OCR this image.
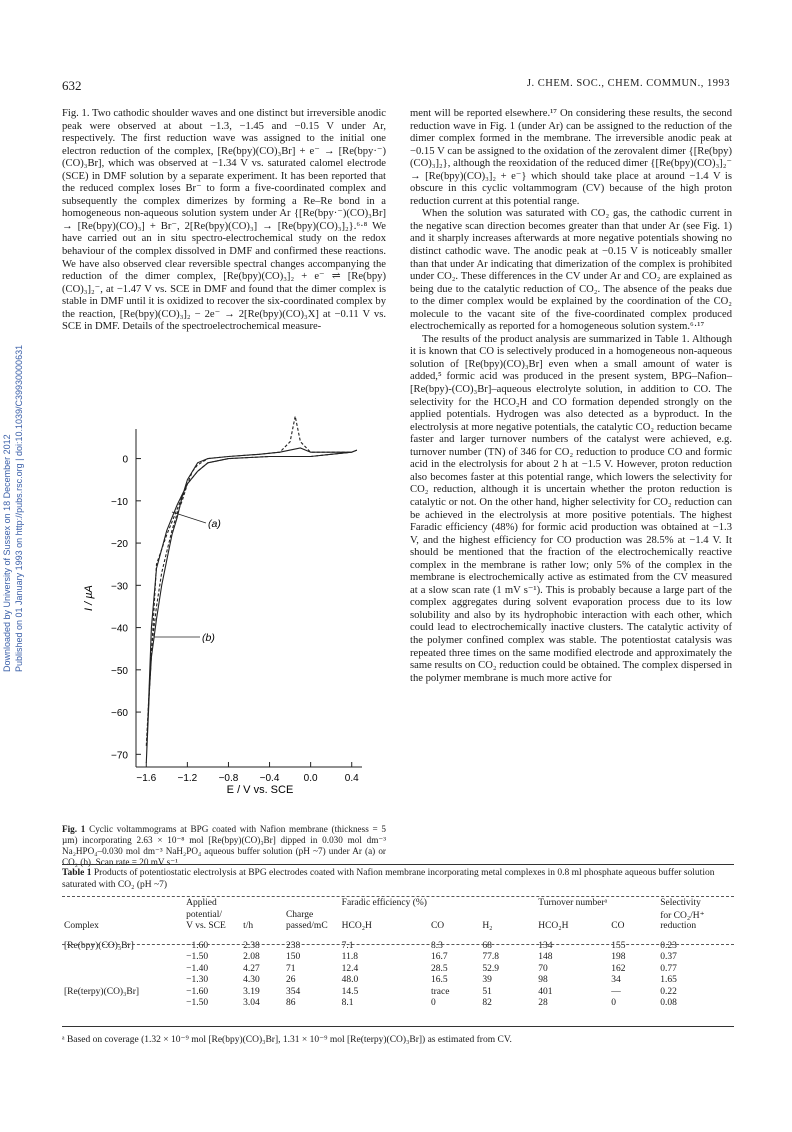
632	J. CHEM. SOC., CHEM. COMMUN., 1993
Downloaded by University of Sussex on 18 December 2012 Published on 01 January 1993 on http://pubs.rsc.org | doi:10.1039/C39930000631

Fig. 1. Two cathodic shoulder waves and one distinct but irreversible anodic peak were observed at about −1.3, −1.45 and −0.15 V under Ar, respectively. The first reduction wave was assigned to the initial one electron reduction of the complex, [Re(bpy)(CO)₃Br] + e⁻ → [Re(bpy·⁻)(CO)₃Br], which was observed at −1.34 V vs. saturated calomel electrode (SCE) in DMF solution by a separate experiment. It has been reported that the reduced complex loses Br⁻ to form a five-coordinated complex and subsequently the complex dimerizes by forming a Re–Re bond in a homogeneous non-aqueous solution system under Ar {[Re(bpy·⁻)(CO)₃Br] → [Re(bpy)(CO)₃] + Br⁻, 2[Re(bpy)(CO)₃] → [Re(bpy)(CO)₃]₂}.⁶·⁸ We have carried out an in situ spectro-electrochemical study on the redox behaviour of the complex dissolved in DMF and confirmed these reactions. We have also observed clear reversible spectral changes accompanying the reduction of the dimer complex, [Re(bpy)(CO)₃]₂ + e⁻ ⇌ [Re(bpy)(CO)₃]₂⁻, at −1.47 V vs. SCE in DMF and found that the dimer complex is stable in DMF until it is oxidized to recover the six-coordinated complex by the reaction, [Re(bpy)(CO)₃]₂ − 2e⁻ → 2[Re(bpy)(CO)₃X] at −0.11 V vs. SCE in DMF. Details of the spectroelectrochemical measure-

ment will be reported elsewhere.¹⁷ On considering these results, the second reduction wave in Fig. 1 (under Ar) can be assigned to the reduction of the dimer complex formed in the membrane. The irreversible anodic peak at −0.15 V can be assigned to the oxidation of the zerovalent dimer {[Re(bpy)(CO)₃]₂}, although the reoxidation of the reduced dimer {[Re(bpy)(CO)₃]₂⁻ → [Re(bpy)(CO)₃]₂ + e⁻} which should take place at around −1.4 V is obscure in this cyclic voltammogram (CV) because of the high proton reduction current at this potential range.

When the solution was saturated with CO₂ gas, the cathodic current in the negative scan direction becomes greater than that under Ar (see Fig. 1) and it sharply increases afterwards at more negative potentials showing no distinct cathodic wave. The anodic peak at −0.15 V is noticeably smaller than that under Ar indicating that dimerization of the complex is prohibited under CO₂. These differences in the CV under Ar and CO₂ are explained as being due to the catalytic reduction of CO₂. The absence of the peaks due to the dimer complex would be explained by the coordination of the CO₂ molecule to the vacant site of the five-coordinated complex produced electrochemically as reported for a homogeneous solution system.⁶·¹⁷

The results of the product analysis are summarized in Table 1. Although it is known that CO is selectively produced in a homogeneous non-aqueous solution of [Re(bpy)(CO)₃Br] even when a small amount of water is added,⁵ formic acid was produced in the present system, BPG–Nafion–[Re(bpy)-(CO)₃Br]–aqueous electrolyte solution, in addition to CO. The selectivity for the HCO₂H and CO formation depended strongly on the applied potentials. Hydrogen was also detected as a byproduct. In the electrolysis at more negative potentials, the catalytic CO₂ reduction became faster and larger turnover numbers of the catalyst were achieved, e.g. turnover number (TN) of 346 for CO₂ reduction to produce CO and formic acid in the electrolysis for about 2 h at −1.5 V. However, proton reduction also becomes faster at this potential range, which lowers the selectivity for CO₂ reduction, although it is uncertain whether the proton reduction is catalytic or not. On the other hand, higher selectivity for CO₂ reduction can be achieved in the electrolysis at more positive potentials. The highest Faradic efficiency (48%) for formic acid production was obtained at −1.3 V, and the highest efficiency for CO production was 28.5% at −1.4 V. It should be mentioned that the fraction of the electrochemically reactive complex in the membrane is rather low; only 5% of the complex in the membrane is electrochemically active as estimated from the CV measured at a slow scan rate (1 mV s⁻¹). This is probably because a large part of the complex aggregates during solvent evaporation process due to its low solubility and also by its hydrophobic interaction with each other, which could lead to electrochemically inactive clusters. The catalytic activity of the polymer confined complex was stable. The potentiostat catalysis was repeated three times on the same modified electrode and approximately the same results on CO₂ reduction could be obtained. The complex dispersed in the polymer membrane is much more active for

0
−10
−20
−30
−40
−50
−60
−70
−1.6 −1.2 −0.8 −0.4 0.0	0.4
I / µA
E / V vs. SCE
(a)
(b)
Fig. 1 Cyclic voltammograms at BPG coated with Nafion membrane (thickness = 5 µm) incorporating 2.63 × 10⁻⁸ mol [Re(bpy)(CO)₃Br] dipped in 0.030 mol dm⁻³ Na₂HPO₄–0.030 mol dm⁻³ NaH₂PO₄ aqueous buffer solution (pH ~7) under Ar (a) or CO₂ (b). Scan rate = 20 mV s⁻¹.
Table 1 Products of potentiostatic electrolysis at BPG electrodes coated with Nafion membrane incorporating metal complexes in 0.8 ml phosphate aqueous buffer solution saturated with CO₂ (pH ~7)
	Applied			Faradic efficiency (%)			Turnover numberᵃ		Selectivity
	potential/		Charge						for CO₂/H⁺
Complex	V vs. SCE	t/h	passed/mC	HCO₂H	CO	H₂	HCO₂H	CO	reduction

[Re(bpy)(CO)₃Br]	−1.60	2.38	238	7.1	8.3	68	134	155	0.23
	−1.50	2.08	150	11.8	16.7	77.8	148	198	0.37
	−1.40	4.27	71	12.4	28.5	52.9	70	162	0.77
	−1.30	4.30	26	48.0	16.5	39	98	34	1.65
[Re(terpy)(CO)₃Br]	−1.60	3.19	354	14.5	trace	51	401	—	0.22
	−1.50	3.04	86	8.1	0	82	28	0	0.08
ᵃ Based on coverage (1.32 × 10⁻⁹ mol [Re(bpy)(CO)₃Br], 1.31 × 10⁻⁹ mol [Re(terpy)(CO)₃Br]) as estimated from CV.
